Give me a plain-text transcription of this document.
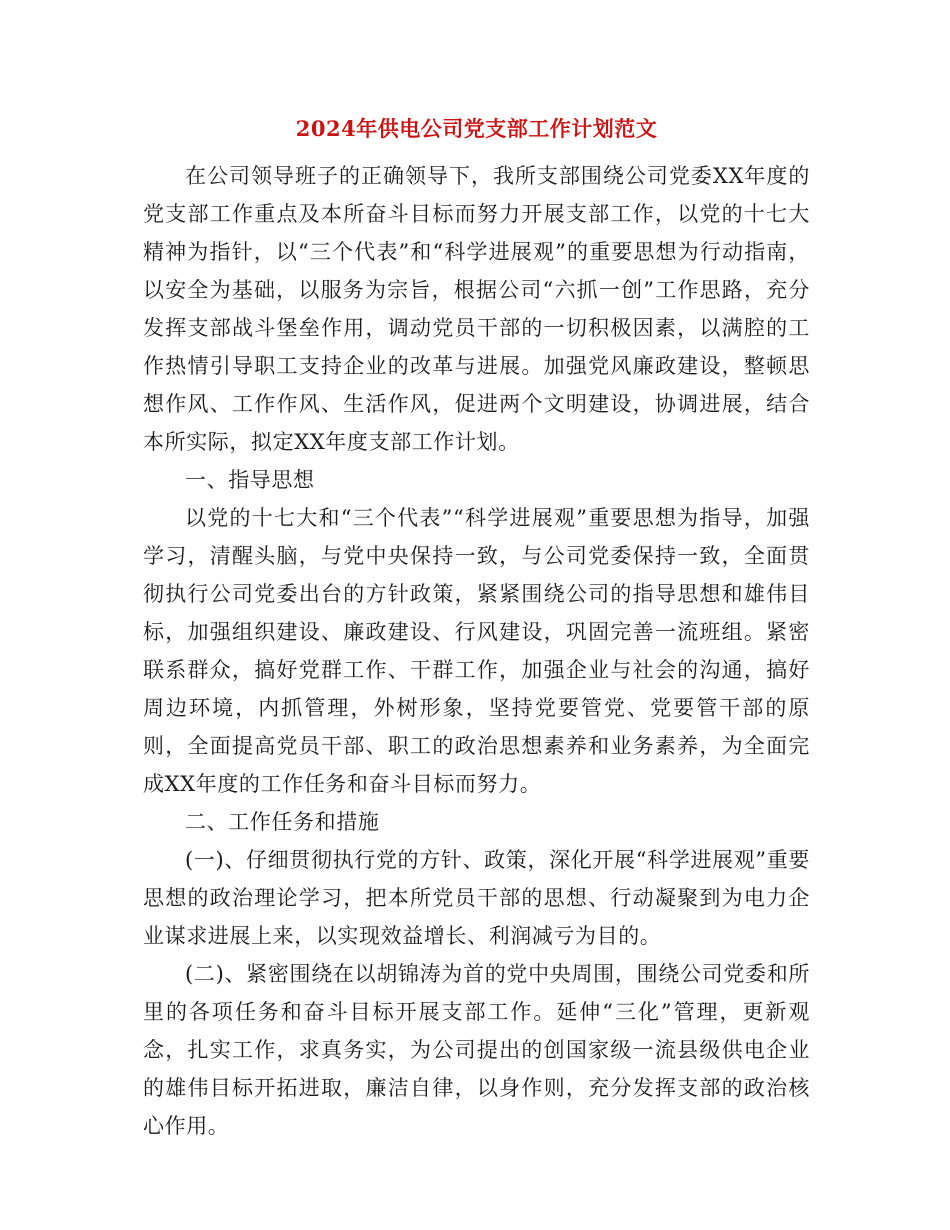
2024年供电公司党支部工作计划范文

在公司领导班子的正确领导下，我所支部围绕公司党委XX年度的党支部工作重点及本所奋斗目标而努力开展支部工作，以党的十七大精神为指针，以“三个代表”和“科学进展观”的重要思想为行动指南，以安全为基础，以服务为宗旨，根据公司“六抓一创”工作思路，充分发挥支部战斗堡垒作用，调动党员干部的一切积极因素，以满腔的工作热情引导职工支持企业的改革与进展。加强党风廉政建设，整顿思想作风、工作作风、生活作风，促进两个文明建设，协调进展，结合本所实际，拟定XX年度支部工作计划。

一、指导思想

以党的十七大和“三个代表”“科学进展观”重要思想为指导，加强学习，清醒头脑，与党中央保持一致，与公司党委保持一致，全面贯彻执行公司党委出台的方针政策，紧紧围绕公司的指导思想和雄伟目标，加强组织建设、廉政建设、行风建设，巩固完善一流班组。紧密联系群众，搞好党群工作、干群工作，加强企业与社会的沟通，搞好周边环境，内抓管理，外树形象，坚持党要管党、党要管干部的原则，全面提高党员干部、职工的政治思想素养和业务素养，为全面完成XX年度的工作任务和奋斗目标而努力。

二、工作任务和措施

(一)、仔细贯彻执行党的方针、政策，深化开展“科学进展观”重要思想的政治理论学习，把本所党员干部的思想、行动凝聚到为电力企业谋求进展上来，以实现效益增长、利润减亏为目的。

(二)、紧密围绕在以胡锦涛为首的党中央周围，围绕公司党委和所里的各项任务和奋斗目标开展支部工作。延伸“三化”管理，更新观念，扎实工作，求真务实，为公司提出的创国家级一流县级供电企业的雄伟目标开拓进取，廉洁自律，以身作则，充分发挥支部的政治核心作用。
